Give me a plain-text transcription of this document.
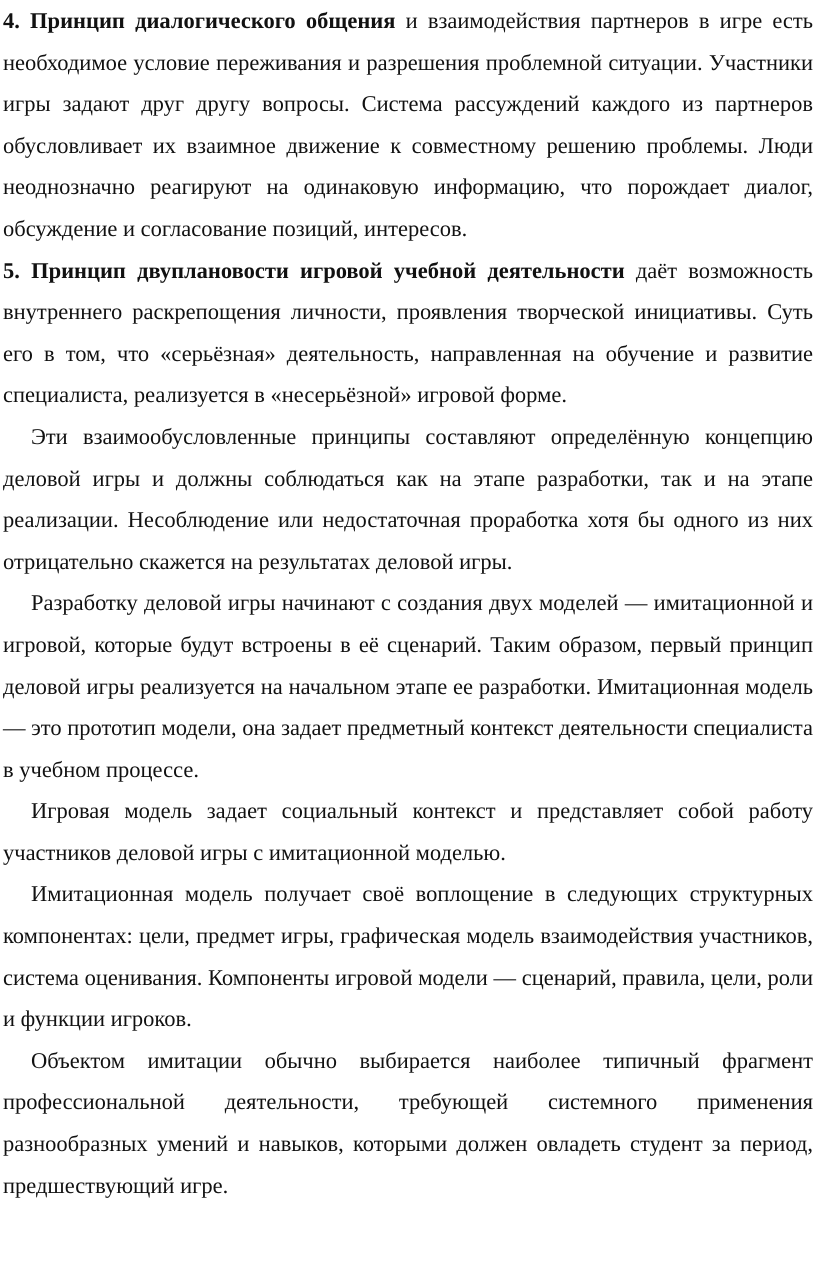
4. Принцип диалогического общения и взаимодействия партнеров в игре есть необходимое условие переживания и разрешения проблемной ситуации. Участники игры задают друг другу вопросы. Система рассуждений каждого из партнеров обусловливает их взаимное движение к совместному решению проблемы. Люди неоднозначно реагируют на одинаковую информацию, что порождает диалог, обсуждение и согласование позиций, интересов.

5. Принцип двуплановости игровой учебной деятельности даёт возможность внутреннего раскрепощения личности, проявления творческой инициативы. Суть его в том, что «серьёзная» деятельность, направленная на обучение и развитие специалиста, реализуется в «несерьёзной» игровой форме.

Эти взаимообусловленные принципы составляют определённую концепцию деловой игры и должны соблюдаться как на этапе разработки, так и на этапе реализации. Несоблюдение или недостаточная проработка хотя бы одного из них отрицательно скажется на результатах деловой игры.

Разработку деловой игры начинают с создания двух моделей — имитационной и игровой, которые будут встроены в её сценарий. Таким образом, первый принцип деловой игры реализуется на начальном этапе ее разработки. Имитационная модель — это прототип модели, она задает предметный контекст деятельности специалиста в учебном процессе.

Игровая модель задает социальный контекст и представляет собой работу участников деловой игры с имитационной моделью.

Имитационная модель получает своё воплощение в следующих структурных компонентах: цели, предмет игры, графическая модель взаимодействия участников, система оценивания. Компоненты игровой модели — сценарий, правила, цели, роли и функции игроков.

Объектом имитации обычно выбирается наиболее типичный фрагмент профессиональной деятельности, требующей системного применения разнообразных умений и навыков, которыми должен овладеть студент за период, предшествующий игре.
